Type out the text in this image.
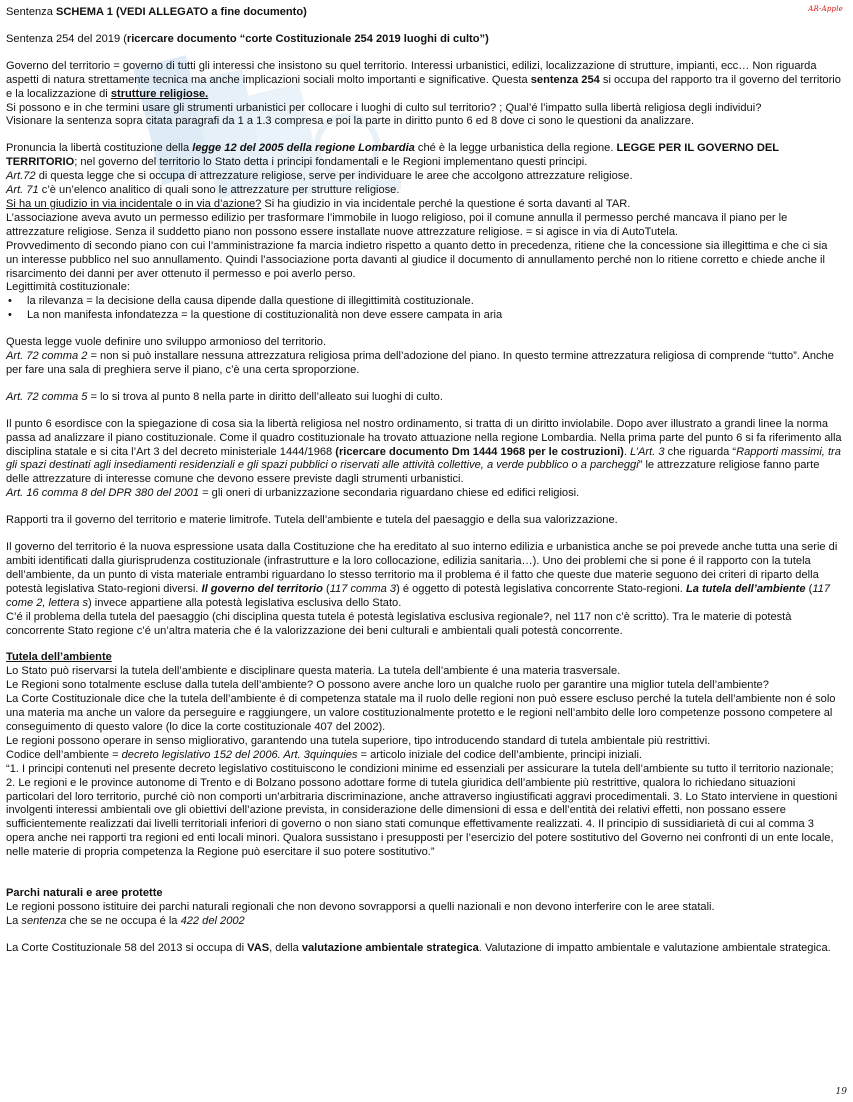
AR-Apple

Sentenza SCHEMA 1 (VEDI ALLEGATO a fine documento)

Sentenza 254 del 2019 (ricercare documento “corte Costituzionale 254 2019 luoghi di culto”)

Governo del territorio = governo di tutti gli interessi che insistono su quel territorio. Interessi urbanistici, edilizi, localizzazione di strutture, impianti, ecc… Non riguarda aspetti di natura strettamente tecnica ma anche implicazioni sociali molto importanti e significative. Questa sentenza 254 si occupa del rapporto tra il governo del territorio e la localizzazione di strutture religiose.

Si possono e in che termini usare gli strumenti urbanistici per collocare i luoghi di culto sul territorio? ; Qual’é l’impatto sulla libertà religiosa degli individui?

Visionare la sentenza sopra citata paragrafi da 1 a 1.3 compresa e poi la parte in diritto punto 6 ed 8 dove ci sono le questioni da analizzare.

Pronuncia la libertà costituzione della legge 12 del 2005 della regione Lombardia ché è la legge urbanistica della regione. LEGGE PER IL GOVERNO DEL TERRITORIO; nel governo del territorio lo Stato detta i principi fondamentali e le Regioni implementano questi principi.

Art.72 di questa legge che si occupa di attrezzature religiose, serve per individuare le aree che accolgono attrezzature religiose.

Art. 71 c’è un’elenco analitico di quali sono le attrezzature per strutture religiose.

Si ha un giudizio in via incidentale o in via d’azione? Si ha giudizio in via incidentale perché la questione é sorta davanti al TAR.

L’associazione aveva avuto un permesso edilizio per trasformare l’immobile in luogo religioso, poi il comune annulla il permesso perché mancava il piano per le attrezzature religiose. Senza il suddetto piano non possono essere installate nuove attrezzature religiose. = si agisce in via di AutoTutela.

Provvedimento di secondo piano con cui l’amministrazione fa marcia indietro rispetto a quanto detto in precedenza, ritiene che la concessione sia illegittima e che ci sia un interesse pubblico nel suo annullamento. Quindi l’associazione porta davanti al giudice il documento di annullamento perché non lo ritiene corretto e chiede anche il risarcimento dei danni per aver ottenuto il permesso e poi averlo perso.

Legittimità costituzionale:

• la rilevanza = la decisione della causa dipende dalla questione di illegittimità costituzionale.

• La non manifesta infondatezza = la questione di costituzionalità non deve essere campata in aria

Questa legge vuole definire uno sviluppo armonioso del territorio.

Art. 72 comma 2 = non si può installare nessuna attrezzatura religiosa prima dell’adozione del piano. In questo termine attrezzatura religiosa di comprende “tutto”. Anche per fare una sala di preghiera serve il piano, c’è una certa sproporzione.

Art. 72 comma 5 = lo si trova al punto 8 nella parte in diritto dell’alleato sui luoghi di culto.

Il punto 6 esordisce con la spiegazione di cosa sia la libertà religiosa nel nostro ordinamento, si tratta di un diritto inviolabile. Dopo aver illustrato a grandi linee la norma passa ad analizzare il piano costituzionale. Come il quadro costituzionale ha trovato attuazione nella regione Lombardia. Nella prima parte del punto 6 si fa riferimento alla disciplina statale e si cita l’Art 3 del decreto ministeriale 1444/1968 (ricercare documento Dm 1444 1968 per le costruzioni). L’Art. 3 che riguarda “Rapporti massimi, tra gli spazi destinati agli insediamenti residenziali e gli spazi pubblici o riservati alle attività collettive, a verde pubblico o a parcheggi” le attrezzature religiose fanno parte delle attrezzature di interesse comune che devono essere previste dagli strumenti urbanistici.

Art. 16 comma 8 del DPR 380 del 2001 = gli oneri di urbanizzazione secondaria riguardano chiese ed edifici religiosi.

Rapporti tra il governo del territorio e materie limitrofe. Tutela dell’ambiente e tutela del paesaggio e della sua valorizzazione.

Il governo del territorio é la nuova espressione usata dalla Costituzione che ha ereditato al suo interno edilizia e urbanistica anche se poi prevede anche tutta una serie di ambiti identificati dalla giurisprudenza costituzionale (infrastrutture e la loro collocazione, edilizia sanitaria…). Uno dei problemi che si pone é il rapporto con la tutela dell’ambiente, da un punto di vista materiale entrambi riguardano lo stesso territorio ma il problema é il fatto che queste due materie seguono dei criteri di riparto della potestà legislativa Stato-regioni diversi. Il governo del territorio (117 comma 3) é oggetto di potestà legislativa concorrente Stato-regioni. La tutela dell’ambiente (117 come 2, lettera s) invece appartiene alla potestà legislativa esclusiva dello Stato.

C’é il problema della tutela del paesaggio (chi disciplina questa tutela é potestà legislativa esclusiva regionale?, nel 117 non c’è scritto). Tra le materie di potestà concorrente Stato regione c’é un’altra materia che é la valorizzazione dei beni culturali e ambientali quali potestà concorrente.

Tutela dell’ambiente

Lo Stato può riservarsi la tutela dell’ambiente e disciplinare questa materia. La tutela dell’ambiente é una materia trasversale.

Le Regioni sono totalmente escluse dalla tutela dell’ambiente? O possono avere anche loro un qualche ruolo per garantire una miglior tutela dell’ambiente?

La Corte Costituzionale dice che la tutela dell’ambiente é di competenza statale ma il ruolo delle regioni non può essere escluso perché la tutela dell’ambiente non é solo una materia ma anche un valore da perseguire e raggiungere, un valore costituzionalmente protetto e le regioni nell’ambito delle loro competenze possono competere al conseguimento di questo valore (lo dice la corte costituzionale 407 del 2002).

Le regioni possono operare in senso migliorativo, garantendo una tutela superiore, tipo introducendo standard di tutela ambientale più restrittivi.

Codice dell’ambiente = decreto legislativo 152 del 2006. Art. 3quinquies = articolo iniziale del codice dell’ambiente, principi iniziali.

“1. I principi contenuti nel presente decreto legislativo costituiscono le condizioni minime ed essenziali per assicurare la tutela dell’ambiente su tutto il territorio nazionale; 2. Le regioni e le province autonome di Trento e di Bolzano possono adottare forme di tutela giuridica dell’ambiente più restrittive, qualora lo richiedano situazioni particolari del loro territorio, purché ciò non comporti un’arbitraria discriminazione, anche attraverso ingiustificati aggravi procedimentali. 3. Lo Stato interviene in questioni involgenti interessi ambientali ove gli obiettivi dell’azione prevista, in considerazione delle dimensioni di essa e dell’entità dei relativi effetti, non possano essere sufficientemente realizzati dai livelli territoriali inferiori di governo o non siano stati comunque effettivamente realizzati. 4. Il principio di sussidiarietà di cui al comma 3 opera anche nei rapporti tra regioni ed enti locali minori. Qualora sussistano i presupposti per l’esercizio del potere sostitutivo del Governo nei confronti di un ente locale, nelle materie di propria competenza la Regione può esercitare il suo potere sostitutivo.”

Parchi naturali e aree protette

Le regioni possono istituire dei parchi naturali regionali che non devono sovrapporsi a quelli nazionali e non devono interferire con le aree statali.

La sentenza che se ne occupa é la 422 del 2002

La Corte Costituzionale 58 del 2013 si occupa di VAS, della valutazione ambientale strategica. Valutazione di impatto ambientale e valutazione ambientale strategica.

19
